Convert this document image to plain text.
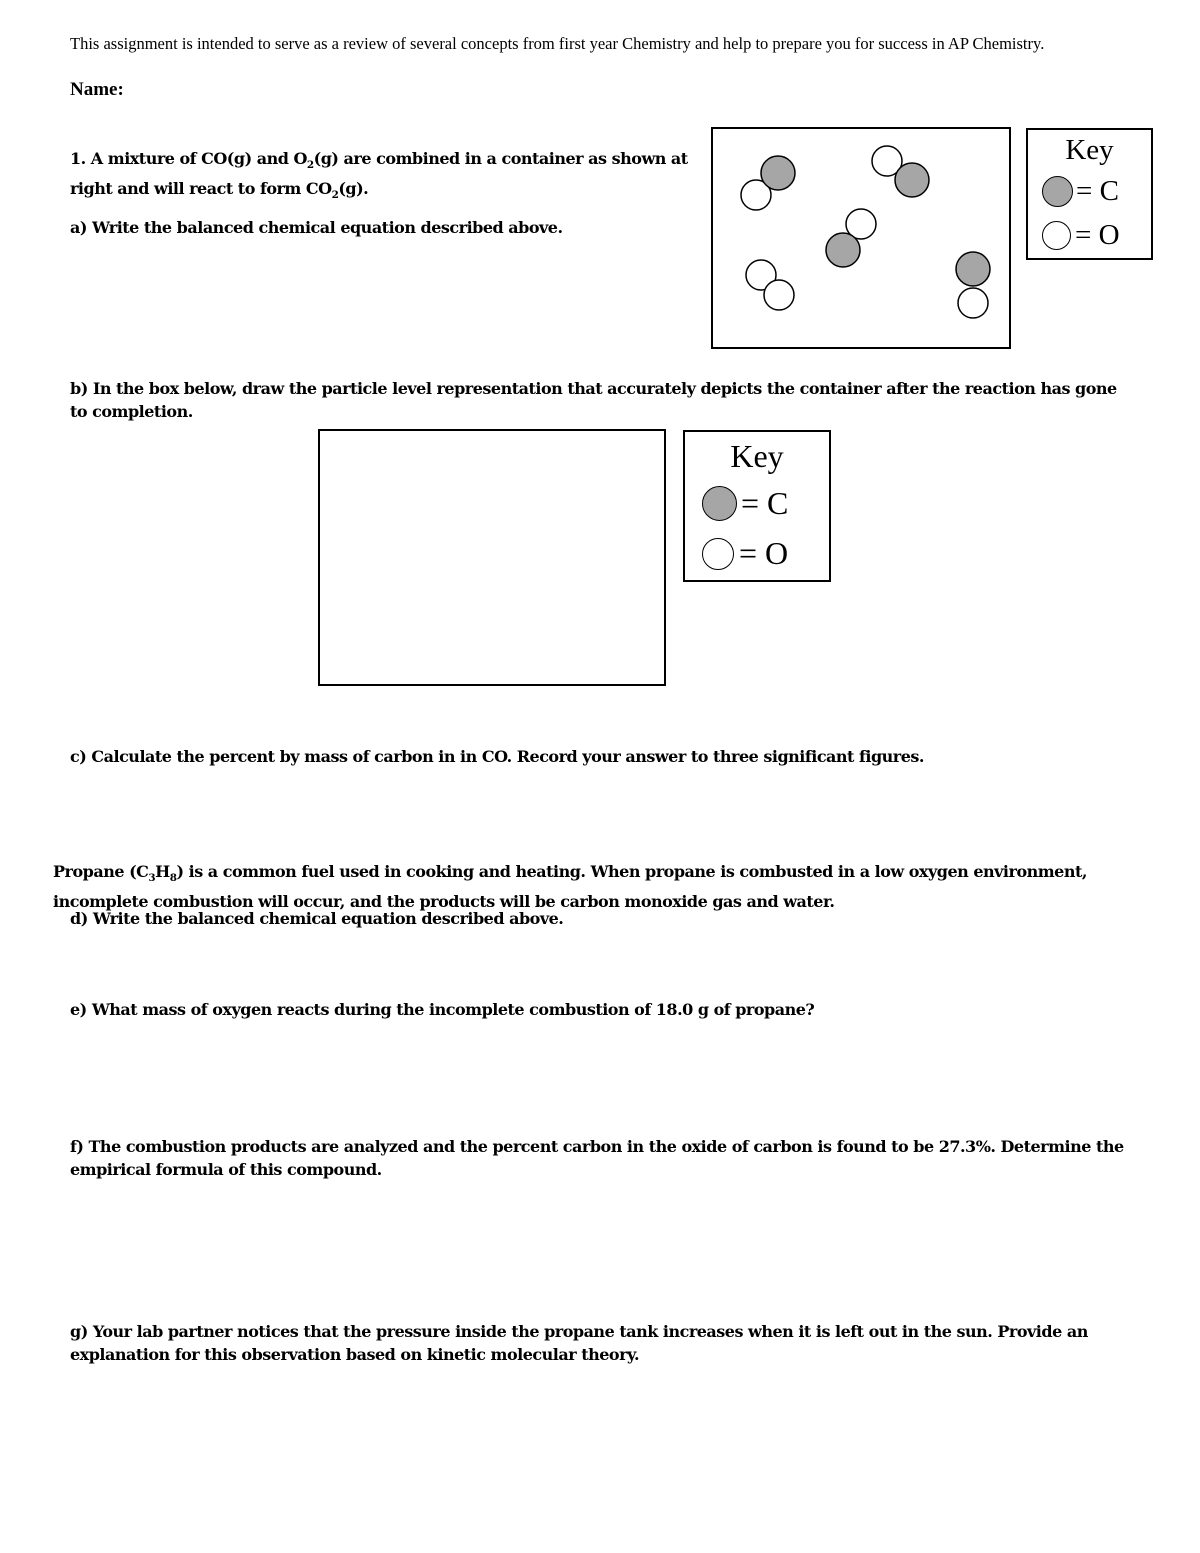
This assignment is intended to serve as a review of several concepts from first year Chemistry and help to prepare you for success in AP Chemistry.
Name:
1. A mixture of CO(g) and $O_2(g)$ are combined in a container as shown at right and will react to form $CO_2(g)$.
a) Write the balanced chemical equation described above.
Key
= C
= O
b) In the box below, draw the particle level representation that accurately depicts the container after the reaction has gone to completion.
Key
= C
= O
c) Calculate the percent by mass of carbon in in CO. Record your answer to three significant figures.
Propane $(C_3H_8)$ is a common fuel used in cooking and heating. When propane is combusted in a low oxygen environment, incomplete combustion will occur, and the products will be carbon monoxide gas and water.
d) Write the balanced chemical equation described above.
e) What mass of oxygen reacts during the incomplete combustion of 18.0 g of propane?
f) The combustion products are analyzed and the percent carbon in the oxide of carbon is found to be 27.3%. Determine the empirical formula of this compound.
g) Your lab partner notices that the pressure inside the propane tank increases when it is left out in the sun. Provide an explanation for this observation based on kinetic molecular theory.
